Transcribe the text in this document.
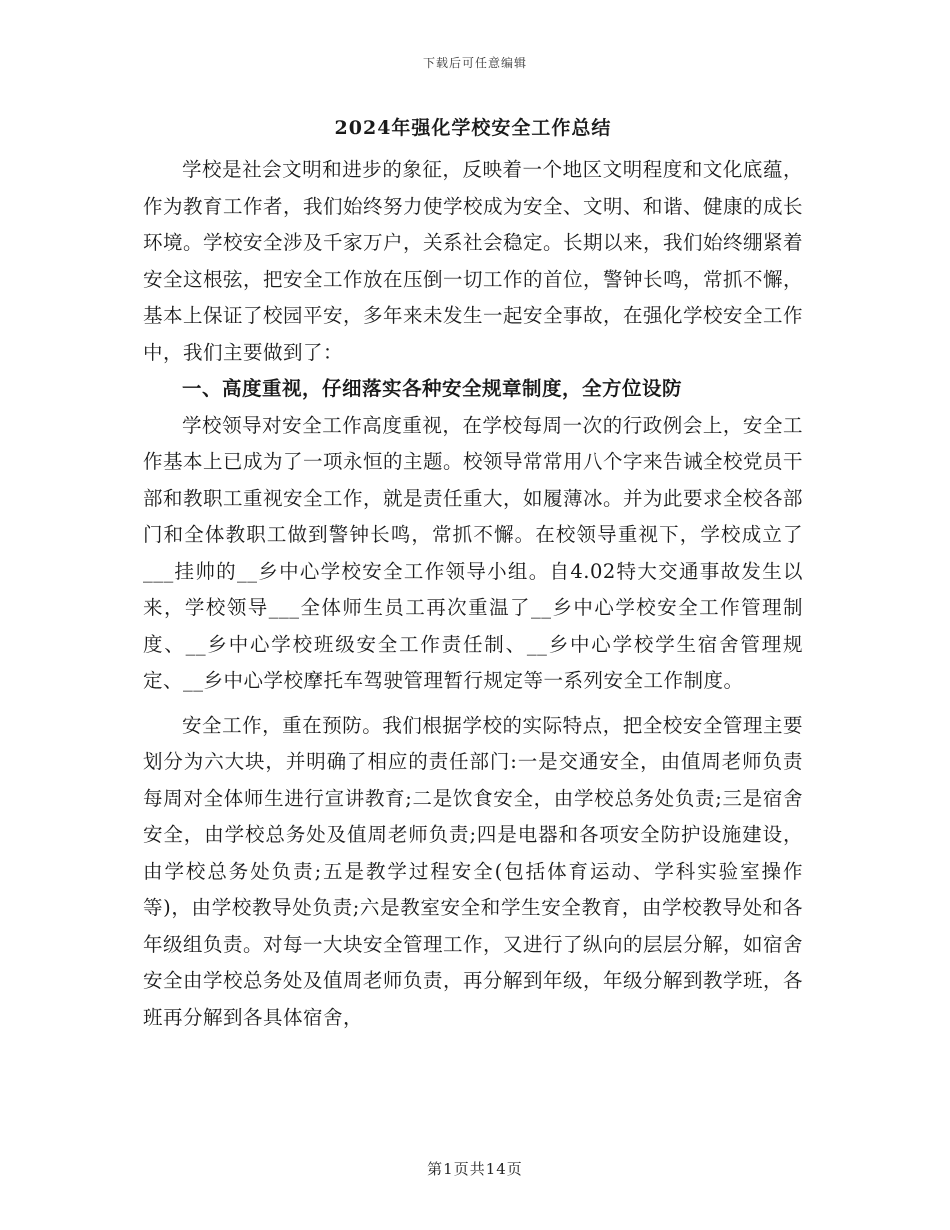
下载后可任意编辑
2024年强化学校安全工作总结

学校是社会文明和进步的象征，反映着一个地区文明程度和文化底蕴，作为教育工作者，我们始终努力使学校成为安全、文明、和谐、健康的成长环境。学校安全涉及千家万户，关系社会稳定。长期以来，我们始终绷紧着安全这根弦，把安全工作放在压倒一切工作的首位，警钟长鸣，常抓不懈，基本上保证了校园平安，多年来未发生一起安全事故，在强化学校安全工作中，我们主要做到了：

一、高度重视，仔细落实各种安全规章制度，全方位设防

学校领导对安全工作高度重视，在学校每周一次的行政例会上，安全工作基本上已成为了一项永恒的主题。校领导常常用八个字来告诫全校党员干部和教职工重视安全工作，就是责任重大，如履薄冰。并为此要求全校各部门和全体教职工做到警钟长鸣，常抓不懈。在校领导重视下，学校成立了___挂帅的__乡中心学校安全工作领导小组。自4.02特大交通事故发生以来，学校领导___全体师生员工再次重温了__乡中心学校安全工作管理制度、__乡中心学校班级安全工作责任制、__乡中心学校学生宿舍管理规定、__乡中心学校摩托车驾驶管理暂行规定等一系列安全工作制度。

安全工作，重在预防。我们根据学校的实际特点，把全校安全管理主要划分为六大块，并明确了相应的责任部门:一是交通安全，由值周老师负责每周对全体师生进行宣讲教育;二是饮食安全，由学校总务处负责;三是宿舍安全，由学校总务处及值周老师负责;四是电器和各项安全防护设施建设，由学校总务处负责;五是教学过程安全(包括体育运动、学科实验室操作等)，由学校教导处负责;六是教室安全和学生安全教育，由学校教导处和各年级组负责。对每一大块安全管理工作，又进行了纵向的层层分解，如宿舍安全由学校总务处及值周老师负责，再分解到年级，年级分解到教学班，各班再分解到各具体宿舍，

第1页共14页
